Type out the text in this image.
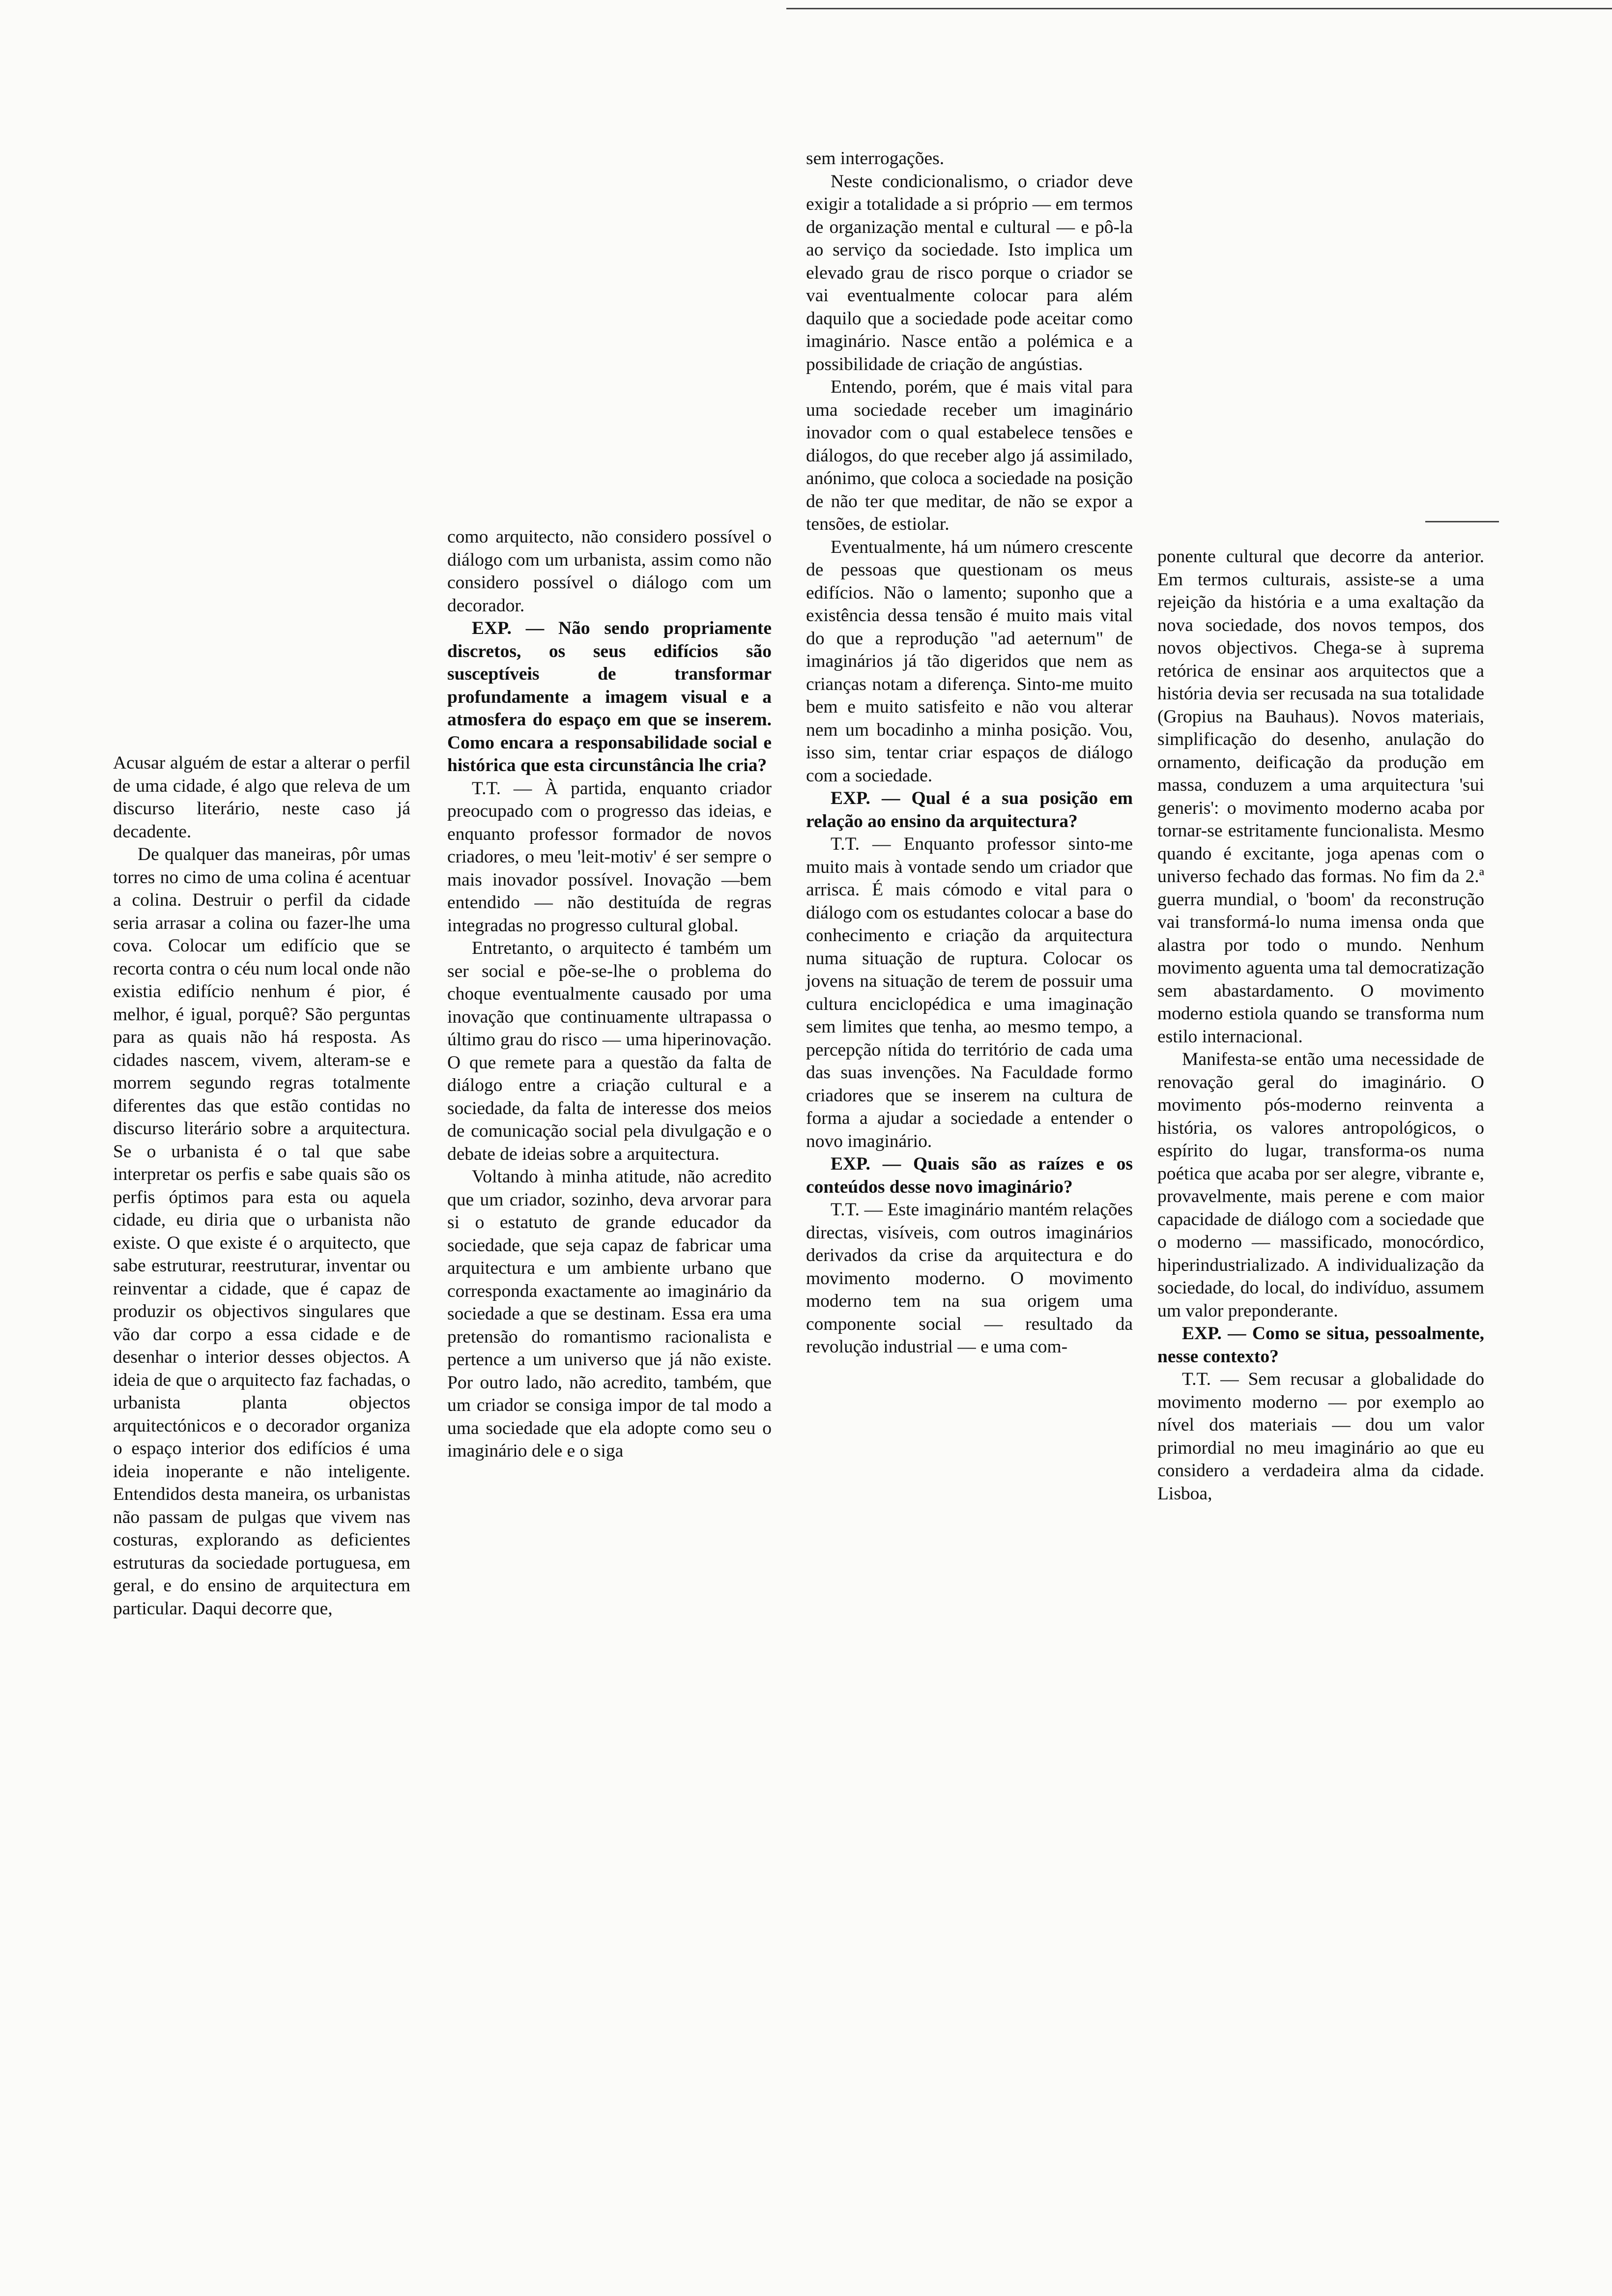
Acusar alguém de estar a alterar o perfil de uma cidade, é algo que releva de um discurso literário, neste caso já decadente.

De qualquer das maneiras, pôr umas torres no cimo de uma colina é acentuar a colina. Destruir o perfil da cidade seria arrasar a colina ou fazer-lhe uma cova. Colocar um edifício que se recorta contra o céu num local onde não existia edifício nenhum é pior, é melhor, é igual, porquê? São perguntas para as quais não há resposta. As cidades nascem, vivem, alteram-se e morrem segundo regras totalmente diferentes das que estão contidas no discurso literário sobre a arquitectura. Se o urbanista é o tal que sabe interpretar os perfis e sabe quais são os perfis óptimos para esta ou aquela cidade, eu diria que o urbanista não existe. O que existe é o arquitecto, que sabe estruturar, reestruturar, inventar ou reinventar a cidade, que é capaz de produzir os objectivos singulares que vão dar corpo a essa cidade e de desenhar o interior desses objectos. A ideia de que o arquitecto faz fachadas, o urbanista planta objectos arquitectónicos e o decorador organiza o espaço interior dos edifícios é uma ideia inoperante e não inteligente. Entendidos desta maneira, os urbanistas não passam de pulgas que vivem nas costuras, explorando as deficientes estruturas da sociedade portuguesa, em geral, e do ensino de arquitectura em particular. Daqui decorre que,

como arquitecto, não considero possível o diálogo com um urbanista, assim como não considero possível o diálogo com um decorador.

EXP. — Não sendo propriamente discretos, os seus edifícios são susceptíveis de transformar profundamente a imagem visual e a atmosfera do espaço em que se inserem. Como encara a responsabilidade social e histórica que esta circunstância lhe cria?

T.T. — À partida, enquanto criador preocupado com o progresso das ideias, e enquanto professor formador de novos criadores, o meu 'leit-motiv' é ser sempre o mais inovador possível. Inovação —bem entendido — não destituída de regras integradas no progresso cultural global.

Entretanto, o arquitecto é também um ser social e põe-se-lhe o problema do choque eventualmente causado por uma inovação que continuamente ultrapassa o último grau do risco — uma hiperinovação. O que remete para a questão da falta de diálogo entre a criação cultural e a sociedade, da falta de interesse dos meios de comunicação social pela divulgação e o debate de ideias sobre a arquitectura.

Voltando à minha atitude, não acredito que um criador, sozinho, deva arvorar para si o estatuto de grande educador da sociedade, que seja capaz de fabricar uma arquitectura e um ambiente urbano que corresponda exactamente ao imaginário da sociedade a que se destinam. Essa era uma pretensão do romantismo racionalista e pertence a um universo que já não existe. Por outro lado, não acredito, também, que um criador se consiga impor de tal modo a uma sociedade que ela adopte como seu o imaginário dele e o siga

sem interrogações.

Neste condicionalismo, o criador deve exigir a totalidade a si próprio — em termos de organização mental e cultural — e pô-la ao serviço da sociedade. Isto implica um elevado grau de risco porque o criador se vai eventualmente colocar para além daquilo que a sociedade pode aceitar como imaginário. Nasce então a polémica e a possibilidade de criação de angústias.

Entendo, porém, que é mais vital para uma sociedade receber um imaginário inovador com o qual estabelece tensões e diálogos, do que receber algo já assimilado, anónimo, que coloca a sociedade na posição de não ter que meditar, de não se expor a tensões, de estiolar.

Eventualmente, há um número crescente de pessoas que questionam os meus edifícios. Não o lamento; suponho que a existência dessa tensão é muito mais vital do que a reprodução "ad aeternum" de imaginários já tão digeridos que nem as crianças notam a diferença. Sinto-me muito bem e muito satisfeito e não vou alterar nem um bocadinho a minha posição. Vou, isso sim, tentar criar espaços de diálogo com a sociedade.

EXP. — Qual é a sua posição em relação ao ensino da arquitectura?

T.T. — Enquanto professor sinto-me muito mais à vontade sendo um criador que arrisca. É mais cómodo e vital para o diálogo com os estudantes colocar a base do conhecimento e criação da arquitectura numa situação de ruptura. Colocar os jovens na situação de terem de possuir uma cultura enciclopédica e uma imaginação sem limites que tenha, ao mesmo tempo, a percepção nítida do território de cada uma das suas invenções. Na Faculdade formo criadores que se inserem na cultura de forma a ajudar a sociedade a entender o novo imaginário.

EXP. — Quais são as raízes e os conteúdos desse novo imaginário?

T.T. — Este imaginário mantém relações directas, visíveis, com outros imaginários derivados da crise da arquitectura e do movimento moderno. O movimento moderno tem na sua origem uma componente social — resultado da revolução industrial — e uma com-

ponente cultural que decorre da anterior. Em termos culturais, assiste-se a uma rejeição da história e a uma exaltação da nova sociedade, dos novos tempos, dos novos objectivos. Chega-se à suprema retórica de ensinar aos arquitectos que a história devia ser recusada na sua totalidade (Gropius na Bauhaus). Novos materiais, simplificação do desenho, anulação do ornamento, deificação da produção em massa, conduzem a uma arquitectura 'sui generis': o movimento moderno acaba por tornar-se estritamente funcionalista. Mesmo quando é excitante, joga apenas com o universo fechado das formas. No fim da 2.ª guerra mundial, o 'boom' da reconstrução vai transformá-lo numa imensa onda que alastra por todo o mundo. Nenhum movimento aguenta uma tal democratização sem abastardamento. O movimento moderno estiola quando se transforma num estilo internacional.

Manifesta-se então uma necessidade de renovação geral do imaginário. O movimento pós-moderno reinventa a história, os valores antropológicos, o espírito do lugar, transforma-os numa poética que acaba por ser alegre, vibrante e, provavelmente, mais perene e com maior capacidade de diálogo com a sociedade que o moderno — massificado, monocórdico, hiperindustrializado. A individualização da sociedade, do local, do indivíduo, assumem um valor preponderante.

EXP. — Como se situa, pessoalmente, nesse contexto?

T.T. — Sem recusar a globalidade do movimento moderno — por exemplo ao nível dos materiais — dou um valor primordial no meu imaginário ao que eu considero a verdadeira alma da cidade. Lisboa,
